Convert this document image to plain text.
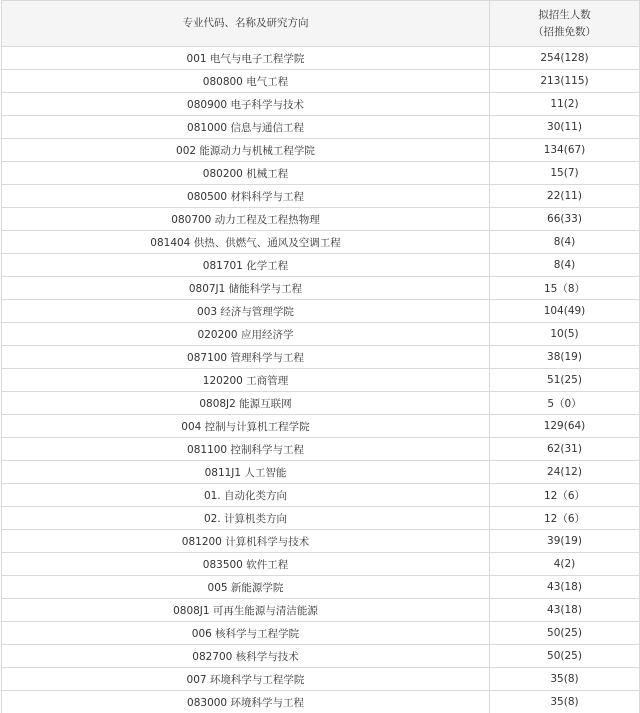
专业代码、名称及研究方向	拟招生人数
（招推免数）

001 电气与电子工程学院	254(128)
080800 电气工程	213(115)
080900 电子科学与技术	11(2)
081000 信息与通信工程	30(11)
002 能源动力与机械工程学院	134(67)
080200 机械工程	15(7)
080500 材料科学与工程	22(11)
080700 动力工程及工程热物理	66(33)
081404 供热、供燃气、通风及空调工程	8(4)
081701 化学工程	8(4)
0807J1 储能科学与工程	15（8）
003 经济与管理学院	104(49)
020200 应用经济学	10(5)
087100 管理科学与工程	38(19)
120200 工商管理	51(25)
0808J2 能源互联网	5（0）
004 控制与计算机工程学院	129(64)
081100 控制科学与工程	62(31)
0811J1 人工智能	24(12)
01. 自动化类方向	12（6）
02. 计算机类方向	12（6）
081200 计算机科学与技术	39(19)
083500 软件工程	4(2)
005 新能源学院	43(18)
0808J1 可再生能源与清洁能源	43(18)
006 核科学与工程学院	50(25)
082700 核科学与技术	50(25)
007 环境科学与工程学院	35(8)
083000 环境科学与工程	35(8)
